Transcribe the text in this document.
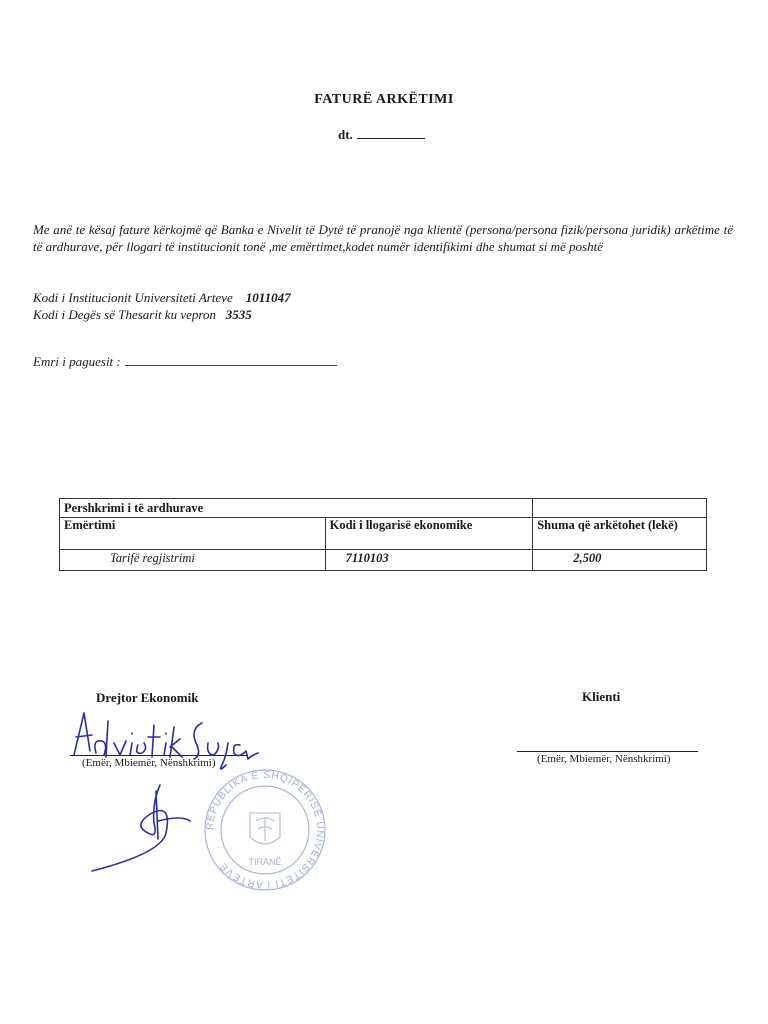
FATURË ARKËTIMI
dt.
Me anë te kësaj fature kërkojmë që Banka e Nivelit të Dytë të pranojë nga klientë (persona/persona fizik/persona juridik) arkëtime të të ardhurave, për llogari të institucionit tonë ,me emërtimet,kodet numër identifikimi dhe shumat si më poshtë
Kodi i Institucionit Universiteti Arteve 1011047
Kodi i Degës së Thesarit ku vepron 3535
Emri i paguesit :
Pershkrimi i të ardhurave		
Emërtimi	Kodi i llogarisë ekonomike	Shuma që arkëtohet (lekë)
Tarifë regjistrimi	7110103	2,500
Drejtor Ekonomik	Klienti
(Emër, Mbiemër, Nënshkrimi)	(Emër, Mbiemër, Nënshkrimi)
REPUBLIKA E SHQIPËRISË UNIVERSITETI I ARTEVE	TIRANË
